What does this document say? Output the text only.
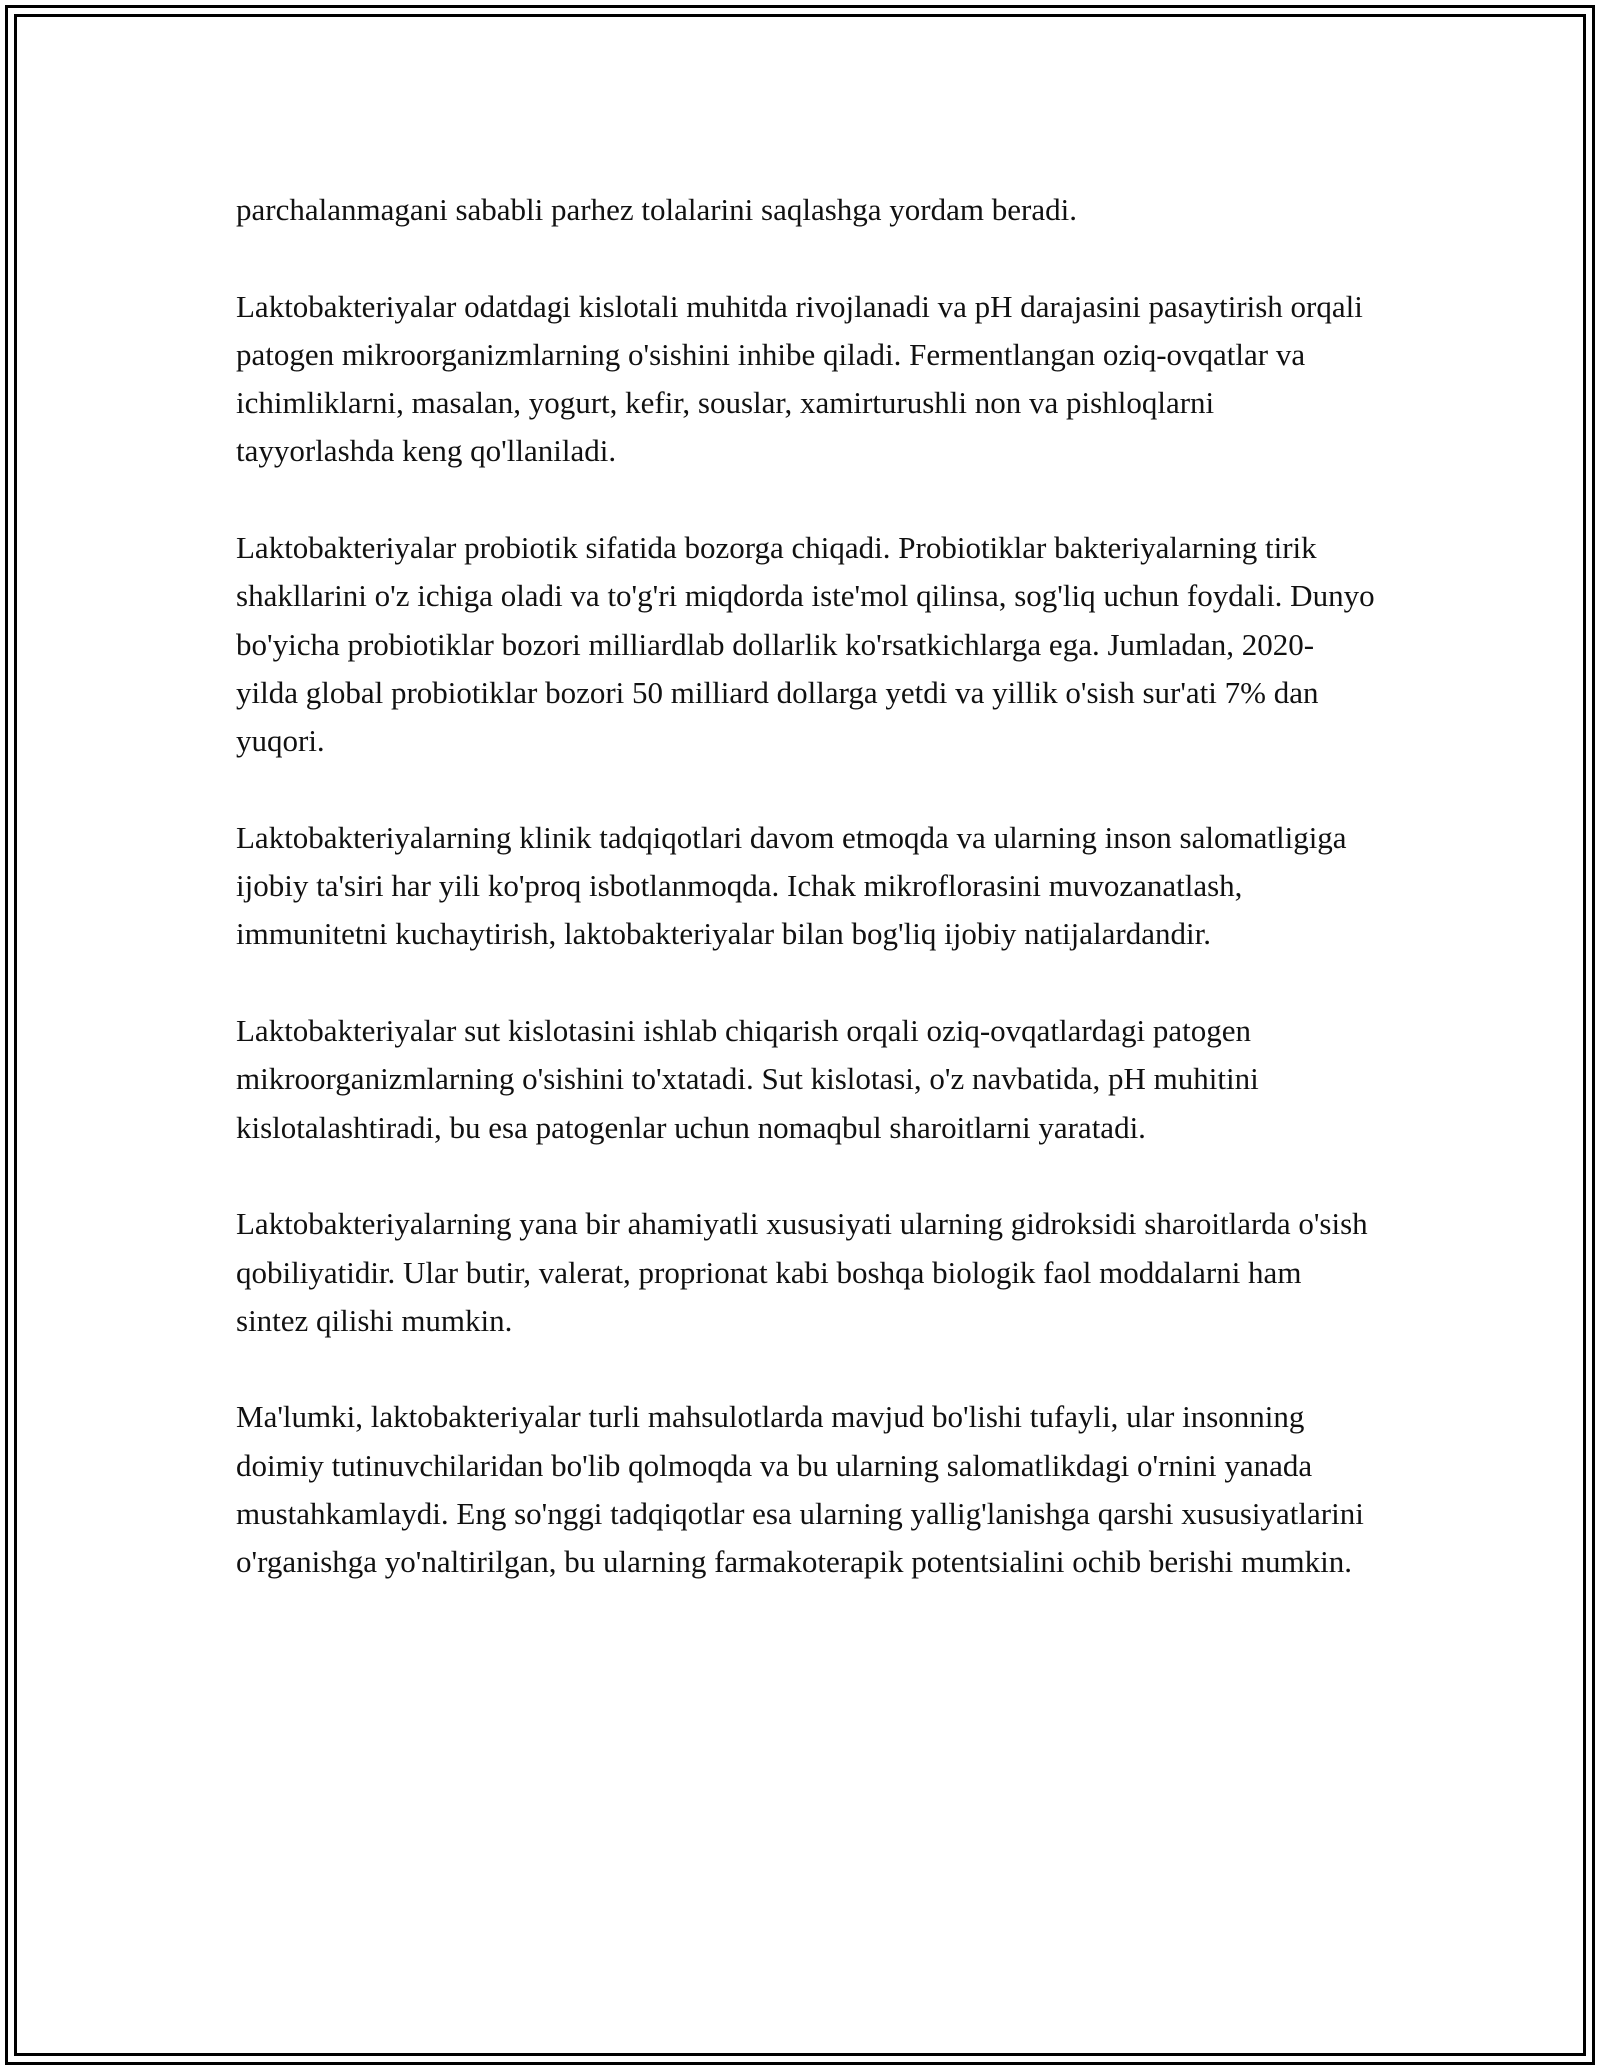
parchalanmagani sababli parhez tolalarini saqlashga yordam beradi.

Laktobakteriyalar odatdagi kislotali muhitda rivojlanadi va pH darajasini pasaytirish orqali patogen mikroorganizmlarning o'sishini inhibe qiladi. Fermentlangan oziq-ovqatlar va ichimliklarni, masalan, yogurt, kefir, souslar, xamirturushli non va pishloqlarni tayyorlashda keng qo'llaniladi.

Laktobakteriyalar probiotik sifatida bozorga chiqadi. Probiotiklar bakteriyalarning tirik shakllarini o'z ichiga oladi va to'g'ri miqdorda iste'mol qilinsa, sog'liq uchun foydali. Dunyo bo'yicha probiotiklar bozori milliardlab dollarlik ko'rsatkichlarga ega. Jumladan, 2020-yilda global probiotiklar bozori 50 milliard dollarga yetdi va yillik o'sish sur'ati 7% dan yuqori.

Laktobakteriyalarning klinik tadqiqotlari davom etmoqda va ularning inson salomatligiga ijobiy ta'siri har yili ko'proq isbotlanmoqda. Ichak mikroflorasini muvozanatlash, immunitetni kuchaytirish, laktobakteriyalar bilan bog'liq ijobiy natijalardandir.

Laktobakteriyalar sut kislotasini ishlab chiqarish orqali oziq-ovqatlardagi patogen mikroorganizmlarning o'sishini to'xtatadi. Sut kislotasi, o'z navbatida, pH muhitini kislotalashtiradi, bu esa patogenlar uchun nomaqbul sharoitlarni yaratadi.

Laktobakteriyalarning yana bir ahamiyatli xususiyati ularning gidroksidi sharoitlarda o'sish qobiliyatidir. Ular butir, valerat, proprionat kabi boshqa biologik faol moddalarni ham sintez qilishi mumkin.

Ma'lumki, laktobakteriyalar turli mahsulotlarda mavjud bo'lishi tufayli, ular insonning doimiy tutinuvchilaridan bo'lib qolmoqda va bu ularning salomatlikdagi o'rnini yanada mustahkamlaydi. Eng so'nggi tadqiqotlar esa ularning yallig'lanishga qarshi xususiyatlarini o'rganishga yo'naltirilgan, bu ularning farmakoterapik potentsialini ochib berishi mumkin.
